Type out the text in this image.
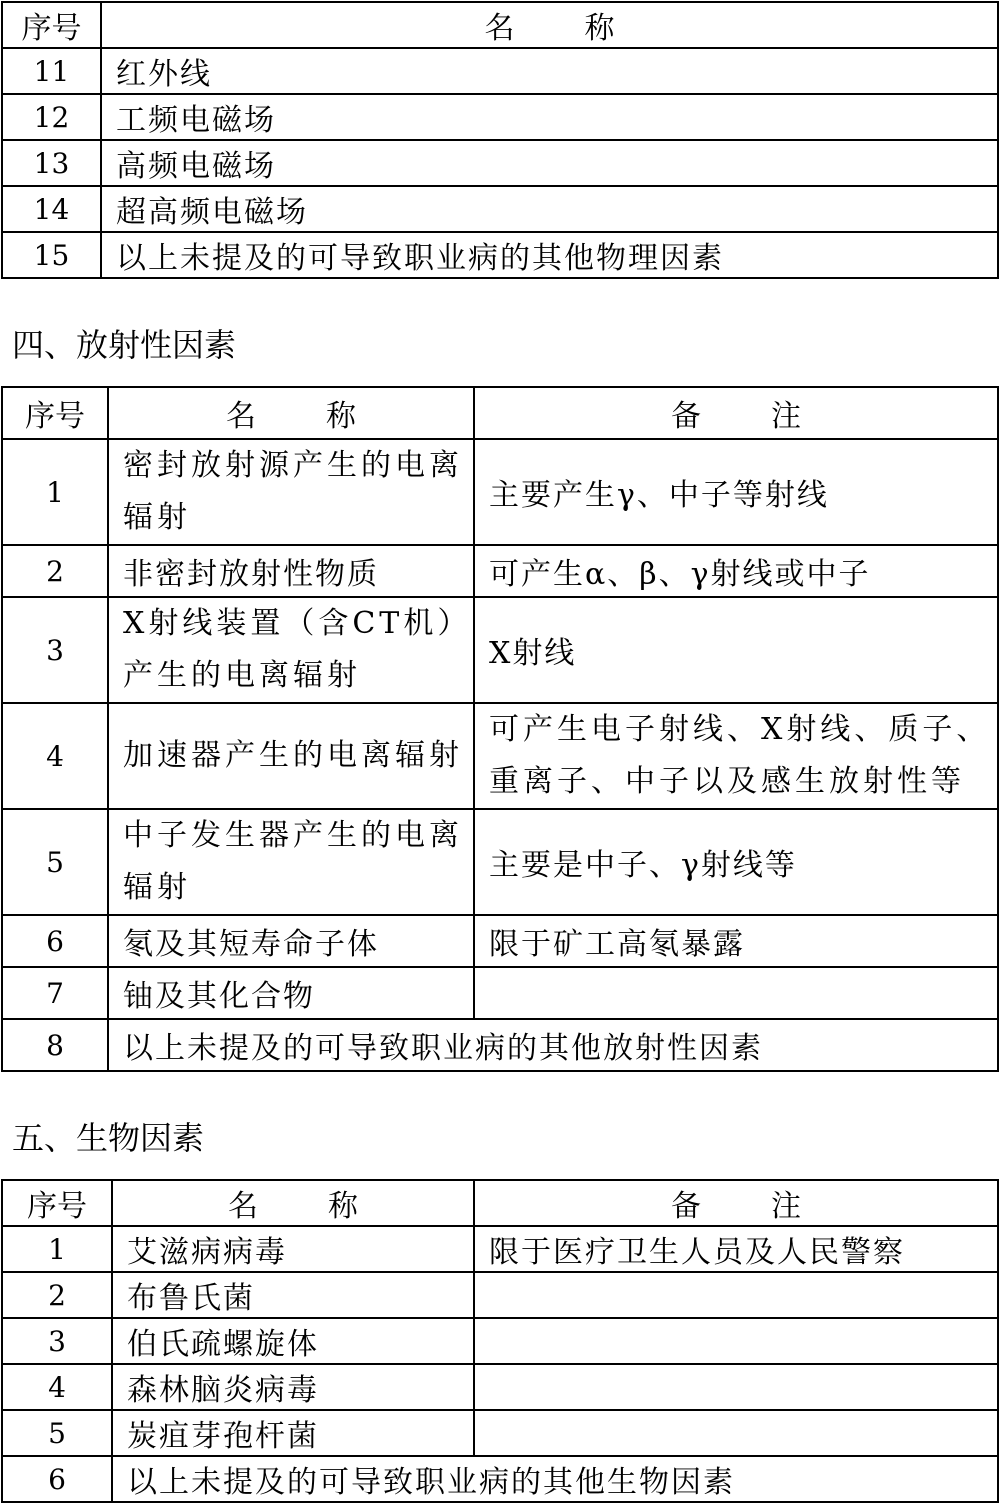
序号	名 称
11	红外线
12	工频电磁场
13	高频电磁场
14	超高频电磁场
15	以上未提及的可导致职业病的其他物理因素
四、放射性因素
序号	名 称	备 注
1	密封放射源产生的电离辐射	主要产生γ、中子等射线
2	非密封放射性物质	可产生α、β、γ射线或中子
3	X射线装置（含CT机）产生的电离辐射	X射线
4	加速器产生的电离辐射	可产生电子射线、X射线、质子、重离子、中子以及感生放射性等
5	中子发生器产生的电离辐射	主要是中子、γ射线等
6	氡及其短寿命子体	限于矿工高氡暴露
7	铀及其化合物	
8	以上未提及的可导致职业病的其他放射性因素	
五、生物因素
序号	名 称	备 注
1	艾滋病病毒	限于医疗卫生人员及人民警察
2	布鲁氏菌	
3	伯氏疏螺旋体	
4	森林脑炎病毒	
5	炭疽芽孢杆菌	
6	以上未提及的可导致职业病的其他生物因素	
